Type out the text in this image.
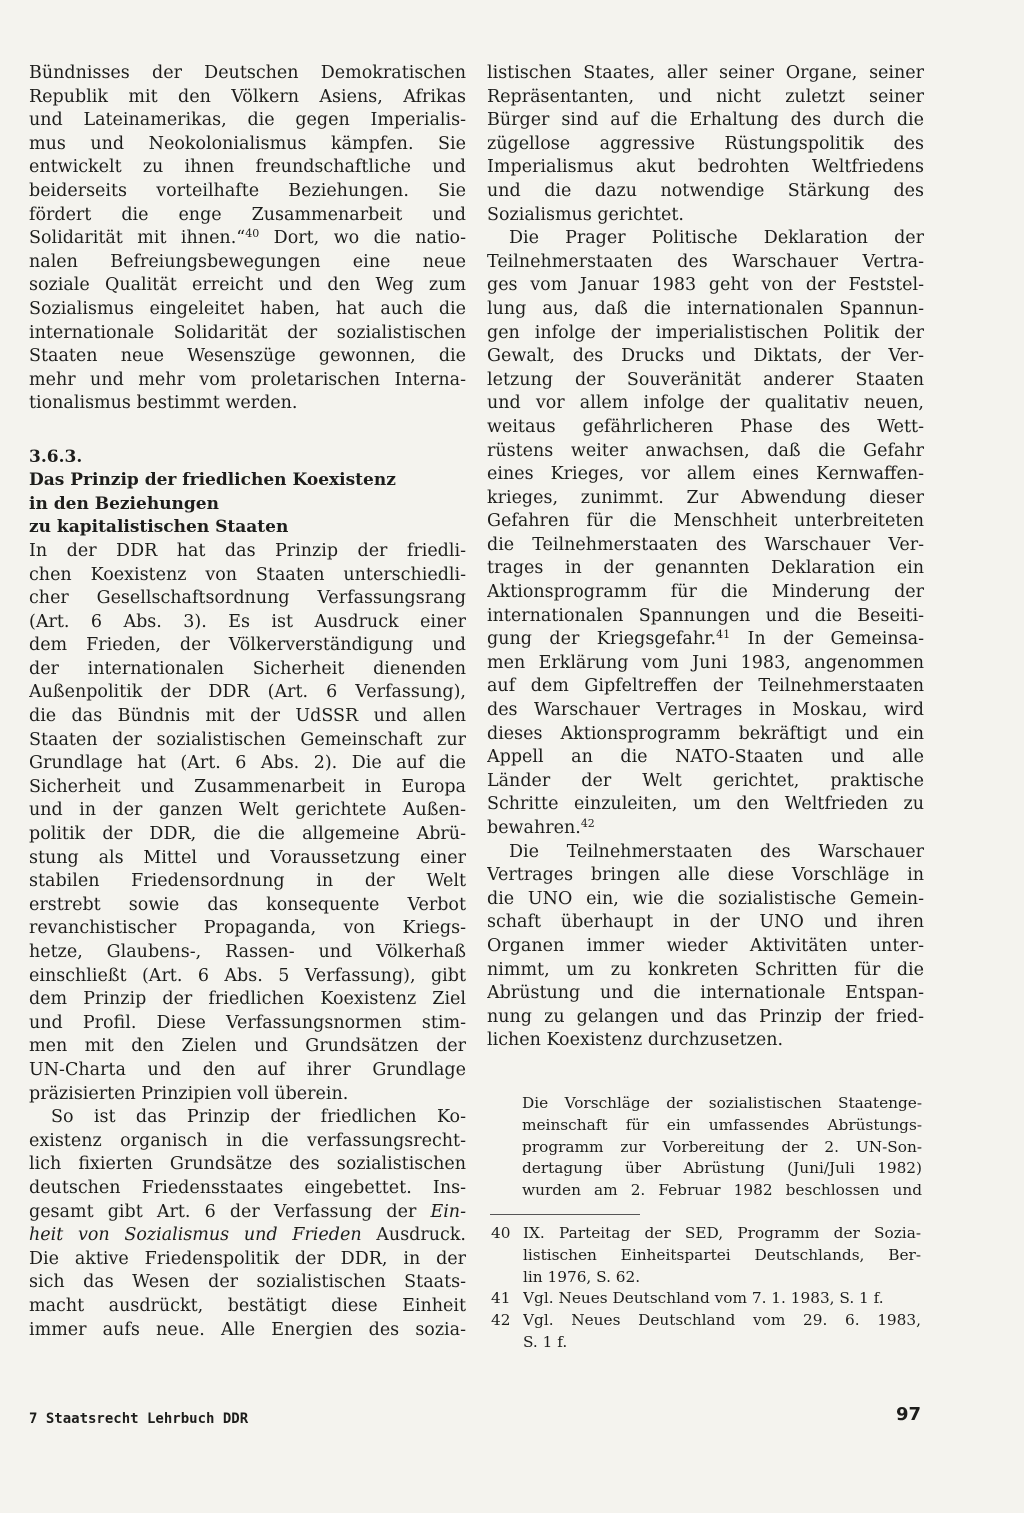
Bündnisses der Deutschen Demokratischen
Republik mit den Völkern Asiens, Afrikas
und Lateinamerikas, die gegen Imperialis-
mus und Neokolonialismus kämpfen. Sie
entwickelt zu ihnen freundschaftliche und
beiderseits vorteilhafte Beziehungen. Sie
fördert die enge Zusammenarbeit und
Solidarität mit ihnen.“$^{40}$ Dort, wo die natio-
nalen Befreiungsbewegungen eine neue
soziale Qualität erreicht und den Weg zum
Sozialismus eingeleitet haben, hat auch die
internationale Solidarität der sozialistischen
Staaten neue Wesenszüge gewonnen, die
mehr und mehr vom proletarischen Interna-
tionalismus bestimmt werden.
3.6.3.
Das Prinzip der friedlichen Koexistenz
in den Beziehungen
zu kapitalistischen Staaten
In der DDR hat das Prinzip der friedli-
chen Koexistenz von Staaten unterschiedli-
cher Gesellschaftsordnung Verfassungsrang
(Art. 6 Abs. 3). Es ist Ausdruck einer
dem Frieden, der Völkerverständigung und
der internationalen Sicherheit dienenden
Außenpolitik der DDR (Art. 6 Verfassung),
die das Bündnis mit der UdSSR und allen
Staaten der sozialistischen Gemeinschaft zur
Grundlage hat (Art. 6 Abs. 2). Die auf die
Sicherheit und Zusammenarbeit in Europa
und in der ganzen Welt gerichtete Außen-
politik der DDR, die die allgemeine Abrü-
stung als Mittel und Voraussetzung einer
stabilen Friedensordnung in der Welt
erstrebt sowie das konsequente Verbot
revanchistischer Propaganda, von Kriegs-
hetze, Glaubens-, Rassen- und Völkerhaß
einschließt (Art. 6 Abs. 5 Verfassung), gibt
dem Prinzip der friedlichen Koexistenz Ziel
und Profil. Diese Verfassungsnormen stim-
men mit den Zielen und Grundsätzen der
UN-Charta und den auf ihrer Grundlage
präzisierten Prinzipien voll überein.
So ist das Prinzip der friedlichen Ko-
existenz organisch in die verfassungsrecht-
lich fixierten Grundsätze des sozialistischen
deutschen Friedensstaates eingebettet. Ins-
gesamt gibt Art. 6 der Verfassung der Ein-
heit von Sozialismus und Frieden Ausdruck.
Die aktive Friedenspolitik der DDR, in der
sich das Wesen der sozialistischen Staats-
macht ausdrückt, bestätigt diese Einheit
immer aufs neue. Alle Energien des sozia-
listischen Staates, aller seiner Organe, seiner
Repräsentanten, und nicht zuletzt seiner
Bürger sind auf die Erhaltung des durch die
zügellose aggressive Rüstungspolitik des
Imperialismus akut bedrohten Weltfriedens
und die dazu notwendige Stärkung des
Sozialismus gerichtet.
Die Prager Politische Deklaration der
Teilnehmerstaaten des Warschauer Vertra-
ges vom Januar 1983 geht von der Feststel-
lung aus, daß die internationalen Spannun-
gen infolge der imperialistischen Politik der
Gewalt, des Drucks und Diktats, der Ver-
letzung der Souveränität anderer Staaten
und vor allem infolge der qualitativ neuen,
weitaus gefährlicheren Phase des Wett-
rüstens weiter anwachsen, daß die Gefahr
eines Krieges, vor allem eines Kernwaffen-
krieges, zunimmt. Zur Abwendung dieser
Gefahren für die Menschheit unterbreiteten
die Teilnehmerstaaten des Warschauer Ver-
trages in der genannten Deklaration ein
Aktionsprogramm für die Minderung der
internationalen Spannungen und die Beseiti-
gung der Kriegsgefahr.$^{41}$ In der Gemeinsa-
men Erklärung vom Juni 1983, angenommen
auf dem Gipfeltreffen der Teilnehmerstaaten
des Warschauer Vertrages in Moskau, wird
dieses Aktionsprogramm bekräftigt und ein
Appell an die NATO-Staaten und alle
Länder der Welt gerichtet, praktische
Schritte einzuleiten, um den Weltfrieden zu
bewahren.$^{42}$
Die Teilnehmerstaaten des Warschauer
Vertrages bringen alle diese Vorschläge in
die UNO ein, wie die sozialistische Gemein-
schaft überhaupt in der UNO und ihren
Organen immer wieder Aktivitäten unter-
nimmt, um zu konkreten Schritten für die
Abrüstung und die internationale Entspan-
nung zu gelangen und das Prinzip der fried-
lichen Koexistenz durchzusetzen.
Die Vorschläge der sozialistischen Staatenge-
meinschaft für ein umfassendes Abrüstungs-
programm zur Vorbereitung der 2. UN-Son-
dertagung über Abrüstung (Juni/Juli 1982)
wurden am 2. Februar 1982 beschlossen und
40 IX. Parteitag der SED, Programm der Sozia-
listischen Einheitspartei Deutschlands, Ber-
lin 1976, S. 62.
41 Vgl. Neues Deutschland vom 7. 1. 1983, S. 1 f.
42 Vgl. Neues Deutschland vom 29. 6. 1983,
S. 1 f.
7 Staatsrecht Lehrbuch DDR	97
